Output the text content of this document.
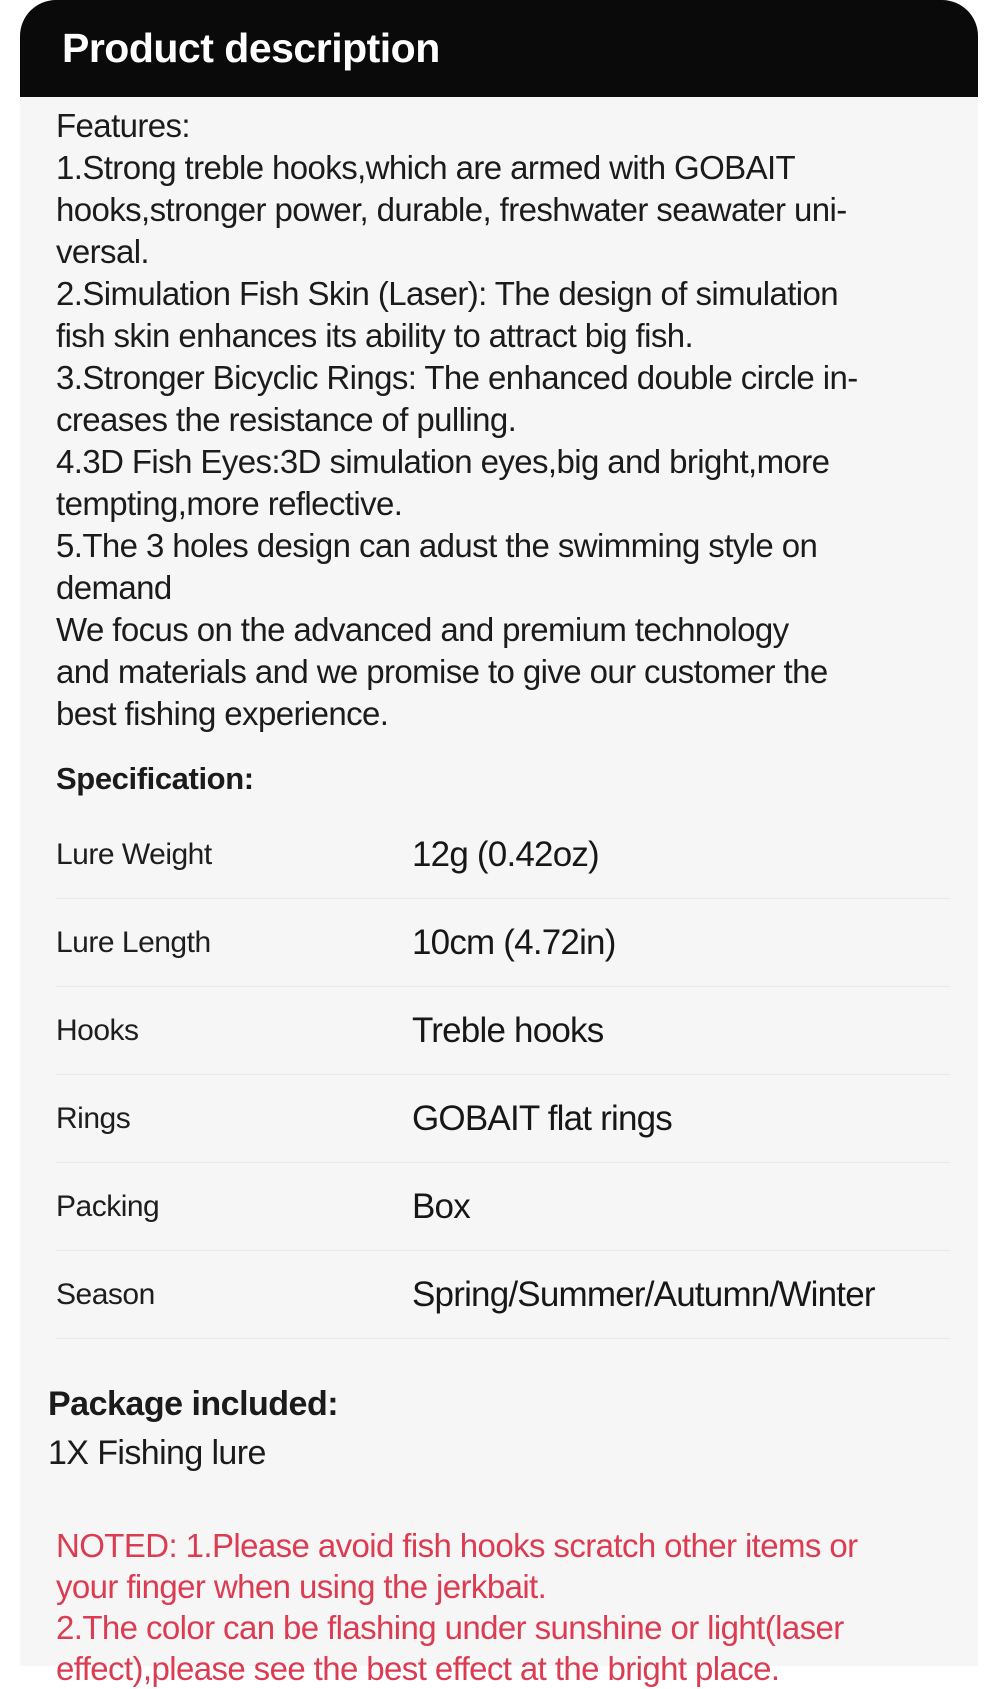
Product description
Features:
1.Strong treble hooks,which are armed with GOBAIT
hooks,stronger power, durable, freshwater seawater uni-
versal.
2.Simulation Fish Skin (Laser): The design of simulation
fish skin enhances its ability to attract big fish.
3.Stronger Bicyclic Rings: The enhanced double circle in-
creases the resistance of pulling.
4.3D Fish Eyes:3D simulation eyes,big and bright,more
tempting,more reflective.
5.The 3 holes design can adust the swimming style on
demand
We focus on the advanced and premium technology
and materials and we promise to give our customer the
best fishing experience.
Specification:
Lure Weight	12g (0.42oz)
Lure Length	10cm (4.72in)
Hooks	Treble hooks
Rings	GOBAIT flat rings
Packing	Box
Season	Spring/Summer/Autumn/Winter
Package included:
1X Fishing lure
NOTED: 1.Please avoid fish hooks scratch other items or
your finger when using the jerkbait.
2.The color can be flashing under sunshine or light(laser
effect),please see the best effect at the bright place.
